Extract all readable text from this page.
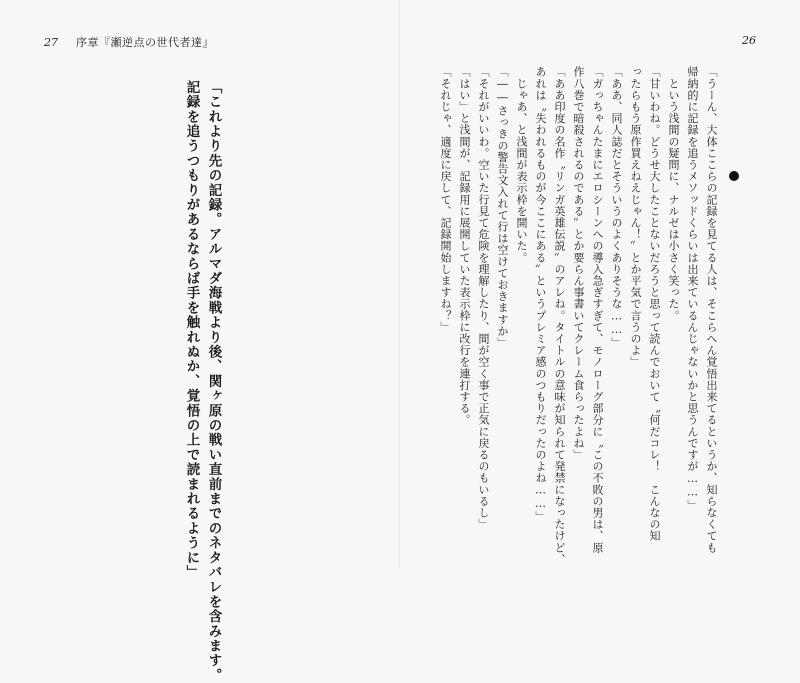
27 序章『瀬逆点の世代者達』
「これより先の記録。アルマダ海戦より後、関ヶ原の戦い直前までのネタバレを含みます。
記録を追うつもりがあるならば手を触れぬか、覚悟の上で読まれるように」
26
「うーん、大体ここらの記録を見てる人は、そこらへん覚悟出来てるというか、知らなくても
帰納的に記録を追うメソッドくらいは出来ているんじゃないかと思うんですが……」
　という浅間の疑問に、ナルゼは小さく笑った。
「甘いわね。どうせ大したことないだろうと思って読んでおいて〝何だコレ！　こんなの知
ったらもう原作買えねえじゃん！〟とか平気で言うのよ」
「ああ、同人誌だとそういうのよくありそうな……」
「ガっちゃんたまにエロシーンへの導入急ぎすぎて、モノローグ部分に〝この不敗の男は、原
作八巻で暗殺されるのである〟とか要らん事書いてクレーム食らったよね」
「ああ印度の名作〝リンガ英雄伝説〟のアレね。タイトルの意味が知られて発禁になったけど、
あれは〝失われるものが今ここにある〟というプレミア感のつもりだったのよね……」
　じゃあ、と浅間が表示枠を開いた。
「――さっきの警告文入れて行は空けておきますか」
「それがいいわ。空いた行見て危険を理解したり、間が空く事で正気に戻るのもいるし」
「はい」と浅間が、記録用に展開していた表示枠に改行を連打する。
「それじゃ、適度に戻して、記録開始しますね？」
